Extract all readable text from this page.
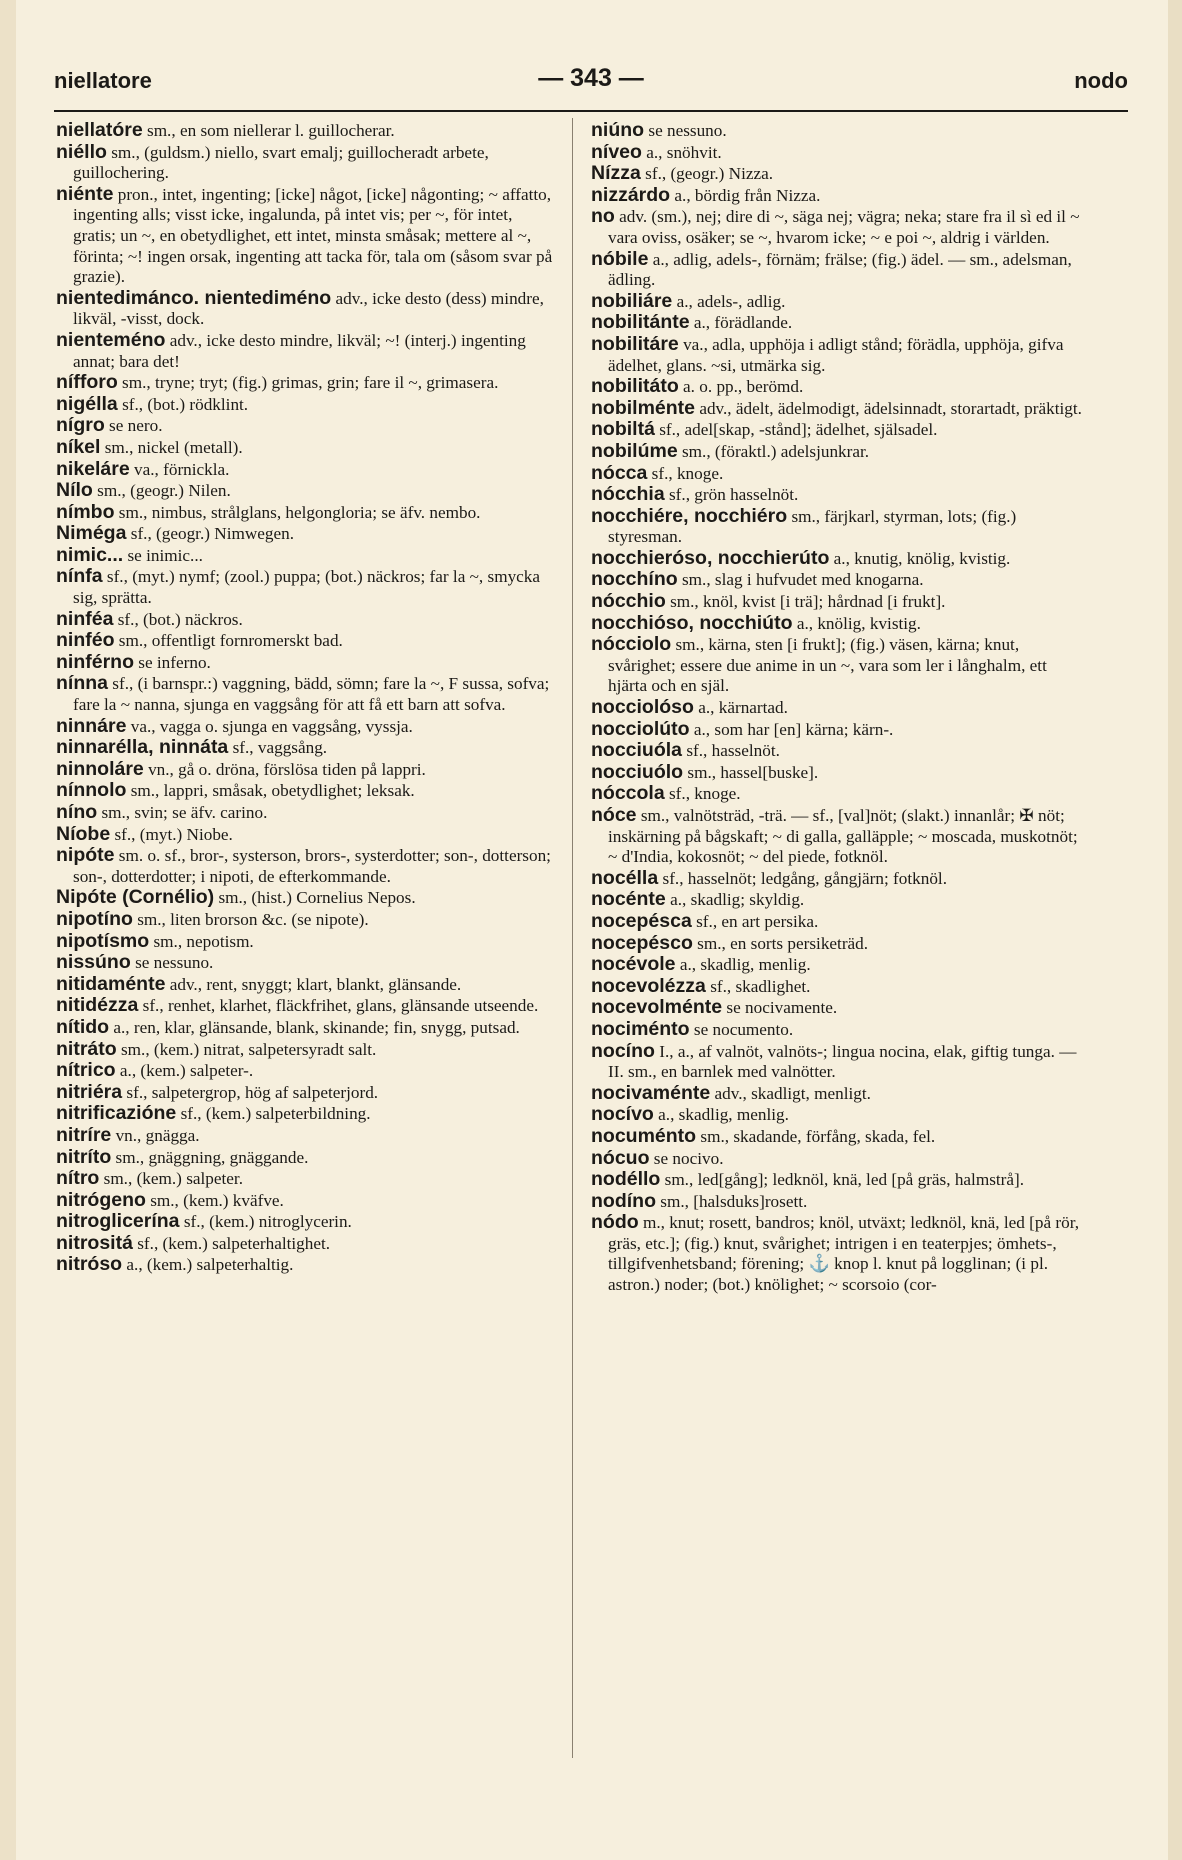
niellatore	— 343 —	nodo

niellatóre sm., en som niellerar l. guillocherar.

niéllo sm., (guldsm.) niello, svart emalj; guillocheradt arbete, guillochering.

niénte pron., intet, ingenting; [icke] något, [icke] någonting; ~ affatto, ingenting alls; visst icke, ingalunda, på intet vis; per ~, för intet, gratis; un ~, en obetydlighet, ett intet, minsta småsak; mettere al ~, förinta; ~! ingen orsak, ingenting att tacka för, tala om (såsom svar på grazie).

nientedimánco. nientediméno adv., icke desto (dess) mindre, likväl, -visst, dock.

nienteméno adv., icke desto mindre, likväl; ~! (interj.) ingenting annat; bara det!

nífforo sm., tryne; tryt; (fig.) grimas, grin; fare il ~, grimasera.

nigélla sf., (bot.) rödklint.

nígro se nero.

níkel sm., nickel (metall).

nikeláre va., förnickla.

Nílo sm., (geogr.) Nilen.

nímbo sm., nimbus, strålglans, helgongloria; se äfv. nembo.

Niméga sf., (geogr.) Nimwegen.

nimic... se inimic...

nínfa sf., (myt.) nymf; (zool.) puppa; (bot.) näckros; far la ~, smycka sig, sprätta.

ninféa sf., (bot.) näckros.

ninféo sm., offentligt fornromerskt bad.

ninférno se inferno.

nínna sf., (i barnspr.:) vaggning, bädd, sömn; fare la ~, F sussa, sofva; fare la ~ nanna, sjunga en vaggsång för att få ett barn att sofva.

ninnáre va., vagga o. sjunga en vaggsång, vyssja.

ninnarélla, ninnáta sf., vaggsång.

ninnoláre vn., gå o. dröna, förslösa tiden på lappri.

nínnolo sm., lappri, småsak, obetydlighet; leksak.

níno sm., svin; se äfv. carino.

Níobe sf., (myt.) Niobe.

nipóte sm. o. sf., bror-, systerson, brors-, systerdotter; son-, dotterson; son-, dotterdotter; i nipoti, de efterkommande.

Nipóte (Cornélio) sm., (hist.) Cornelius Nepos.

nipotíno sm., liten brorson &c. (se nipote).

nipotísmo sm., nepotism.

nissúno se nessuno.

nitidaménte adv., rent, snyggt; klart, blankt, glänsande.

nitidézza sf., renhet, klarhet, fläckfrihet, glans, glänsande utseende.

nítido a., ren, klar, glänsande, blank, skinande; fin, snygg, putsad.

nitráto sm., (kem.) nitrat, salpetersyradt salt.

nítrico a., (kem.) salpeter-.

nitriéra sf., salpetergrop, hög af salpeterjord.

nitrificazióne sf., (kem.) salpeterbildning.

nitríre vn., gnägga.

nitríto sm., gnäggning, gnäggande.

nítro sm., (kem.) salpeter.

nitrógeno sm., (kem.) kväfve.

nitroglicerína sf., (kem.) nitroglycerin.

nitrositá sf., (kem.) salpeterhaltighet.

nitróso a., (kem.) salpeterhaltig.

niúno se nessuno.

níveo a., snöhvit.

Nízza sf., (geogr.) Nizza.

nizzárdo a., bördig från Nizza.

no adv. (sm.), nej; dire di ~, säga nej; vägra; neka; stare fra il sì ed il ~ vara oviss, osäker; se ~, hvarom icke; ~ e poi ~, aldrig i världen.

nóbile a., adlig, adels-, förnäm; frälse; (fig.) ädel. — sm., adelsman, ädling.

nobiliáre a., adels-, adlig.

nobilitánte a., förädlande.

nobilitáre va., adla, upphöja i adligt stånd; förädla, upphöja, gifva ädelhet, glans. ~si, utmärka sig.

nobilitáto a. o. pp., berömd.

nobilménte adv., ädelt, ädelmodigt, ädelsinnadt, storartadt, präktigt.

nobiltá sf., adel[skap, -stånd]; ädelhet, själsadel.

nobilúme sm., (föraktl.) adelsjunkrar.

nócca sf., knoge.

nócchia sf., grön hasselnöt.

nocchiére, nocchiéro sm., färjkarl, styrman, lots; (fig.) styresman.

nocchieróso, nocchierúto a., knutig, knölig, kvistig.

nocchíno sm., slag i hufvudet med knogarna.

nócchio sm., knöl, kvist [i trä]; hårdnad [i frukt].

nocchióso, nocchiúto a., knölig, kvistig.

nócciolo sm., kärna, sten [i frukt]; (fig.) väsen, kärna; knut, svårighet; essere due anime in un ~, vara som ler i långhalm, ett hjärta och en själ.

nocciolóso a., kärnartad.

nocciolúto a., som har [en] kärna; kärn-.

nocciuóla sf., hasselnöt.

nocciuólo sm., hassel[buske].

nóccola sf., knoge.

nóce sm., valnötsträd, -trä. — sf., [val]nöt; (slakt.) innanlår; ✠ nöt; inskärning på bågskaft; ~ di galla, galläpple; ~ moscada, muskotnöt; ~ d'India, kokosnöt; ~ del piede, fotknöl.

nocélla sf., hasselnöt; ledgång, gångjärn; fotknöl.

nocénte a., skadlig; skyldig.

nocepésca sf., en art persika.

nocepésco sm., en sorts persiketräd.

nocévole a., skadlig, menlig.

nocevolézza sf., skadlighet.

nocevolménte se nocivamente.

nociménto se nocumento.

nocíno I., a., af valnöt, valnöts-; lingua nocina, elak, giftig tunga. — II. sm., en barnlek med valnötter.

nocivaménte adv., skadligt, menligt.

nocívo a., skadlig, menlig.

nocuménto sm., skadande, förfång, skada, fel.

nócuo se nocivo.

nodéllo sm., led[gång]; ledknöl, knä, led [på gräs, halmstrå].

nodíno sm., [halsduks]rosett.

nódo m., knut; rosett, bandros; knöl, utväxt; ledknöl, knä, led [på rör, gräs, etc.]; (fig.) knut, svårighet; intrigen i en teaterpjes; ömhets-, tillgifvenhetsband; förening; ⚓ knop l. knut på logglinan; (i pl. astron.) noder; (bot.) knölighet; ~ scorsoio (cor-
